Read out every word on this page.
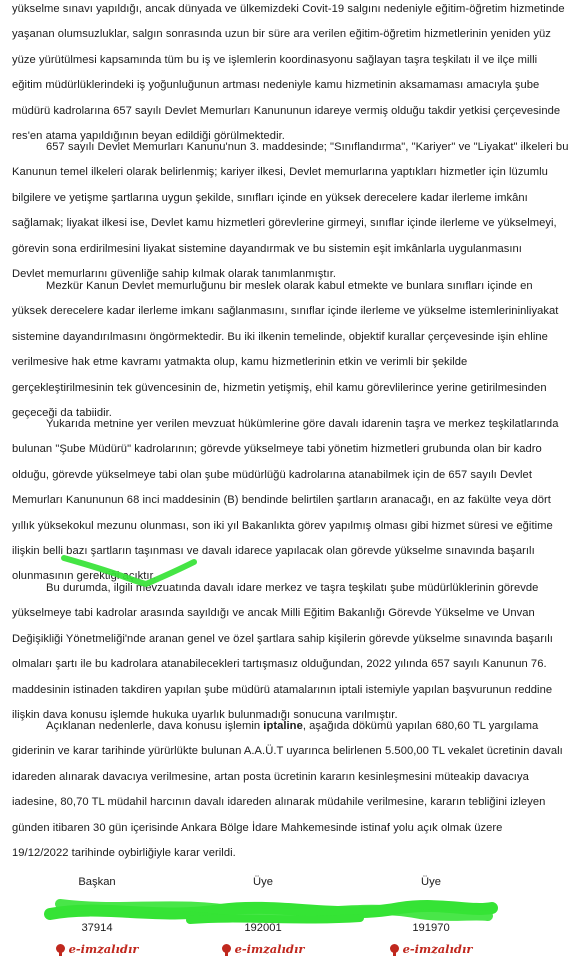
yükselme sınavı yapıldığı, ancak dünyada ve ülkemizdeki Covit-19 salgını nedeniyle eğitim-öğretim hizmetinde
yaşanan olumsuzluklar, salgın sonrasında uzun bir süre ara verilen eğitim-öğretim hizmetlerinin yeniden yüz
yüze yürütülmesi kapsamında tüm bu iş ve işlemlerin koordinasyonu sağlayan taşra teşkilatı il ve ilçe milli
eğitim müdürlüklerindeki iş yoğunluğunun artması nedeniyle kamu hizmetinin aksamaması amacıyla şube
müdürü kadrolarına 657 sayılı Devlet Memurları Kanununun idareye vermiş olduğu takdir yetkisi çerçevesinde
res'en atama yapıldığının beyan edildiği görülmektedir.
657 sayılı Devlet Memurları Kanunu'nun 3. maddesinde; "Sınıflandırma", "Kariyer" ve "Liyakat" ilkeleri bu
Kanunun temel ilkeleri olarak belirlenmiş; kariyer ilkesi, Devlet memurlarına yaptıkları hizmetler için lüzumlu
bilgilere ve yetişme şartlarına uygun şekilde, sınıfları içinde en yüksek derecelere kadar ilerleme imkânı
sağlamak; liyakat ilkesi ise, Devlet kamu hizmetleri görevlerine girmeyi, sınıflar içinde ilerleme ve yükselmeyi,
görevin sona erdirilmesini liyakat sistemine dayandırmak ve bu sistemin eşit imkânlarla uygulanmasını
Devlet memurlarını güvenliğe sahip kılmak olarak tanımlanmıştır.
Mezkür Kanun Devlet memurluğunu bir meslek olarak kabul etmekte ve bunlara sınıfları içinde en
yüksek derecelere kadar ilerleme imkanı sağlanmasını, sınıflar içinde ilerleme ve yükselme istemlerininliyakat
sistemine dayandırılmasını öngörmektedir. Bu iki ilkenin temelinde, objektif kurallar çerçevesinde işin ehline
verilmesive hak etme kavramı yatmakta olup, kamu hizmetlerinin etkin ve verimli bir şekilde
gerçekleştirilmesinin tek güvencesinin de, hizmetin yetişmiş, ehil kamu görevlilerince yerine getirilmesinden
geçeceği da tabiidir.
Yukarıda metnine yer verilen mevzuat hükümlerine göre davalı idarenin taşra ve merkez teşkilatlarında
bulunan "Şube Müdürü" kadrolarının; görevde yükselmeye tabi yönetim hizmetleri grubunda olan bir kadro
olduğu, görevde yükselmeye tabi olan şube müdürlüğü kadrolarına atanabilmek için de 657 sayılı Devlet
Memurları Kanununun 68 inci maddesinin (B) bendinde belirtilen şartların aranacağı, en az fakülte veya dört
yıllık yüksekokul mezunu olunması, son iki yıl Bakanlıkta görev yapılmış olması gibi hizmet süresi ve eğitime
ilişkin belli bazı şartların taşınması ve davalı idarece yapılacak olan görevde yükselme sınavında başarılı
olunmasının gerektiği açıktır.
Bu durumda, ilgili mevzuatında davalı idare merkez ve taşra teşkilatı şube müdürlüklerinin görevde
yükselmeye tabi kadrolar arasında sayıldığı ve ancak Milli Eğitim Bakanlığı Görevde Yükselme ve Unvan
Değişikliği Yönetmeliği'nde aranan genel ve özel şartlara sahip kişilerin görevde yükselme sınavında başarılı
olmaları şartı ile bu kadrolara atanabilecekleri tartışmasız olduğundan, 2022 yılında 657 sayılı Kanunun 76.
maddesinin istinaden takdiren yapılan şube müdürü atamalarının iptali istemiyle yapılan başvurunun reddine
ilişkin dava konusu işlemde hukuka uyarlık bulunmadığı sonucuna varılmıştır.
Açıklanan nedenlerle, dava konusu işlemin iptaline, aşağıda dökümü yapılan 680,60 TL yargılama
giderinin ve karar tarihinde yürürlükte bulunan A.A.Ü.T uyarınca belirlenen 5.500,00 TL vekalet ücretinin davalı
idareden alınarak davacıya verilmesine, artan posta ücretinin kararın kesinleşmesini müteakip davacıya
iadesine, 80,70 TL müdahil harcının davalı idareden alınarak müdahile verilmesine, kararın tebliğini izleyen
günden itibaren 30 gün içerisinde Ankara Bölge İdare Mahkemesinde istinaf yolu açık olmak üzere
19/12/2022 tarihinde oybirliğiyle karar verildi.
Başkan
37914
e-imzalıdır
Üye
192001
e-imzalıdır
Üye
191970
e-imzalıdır
